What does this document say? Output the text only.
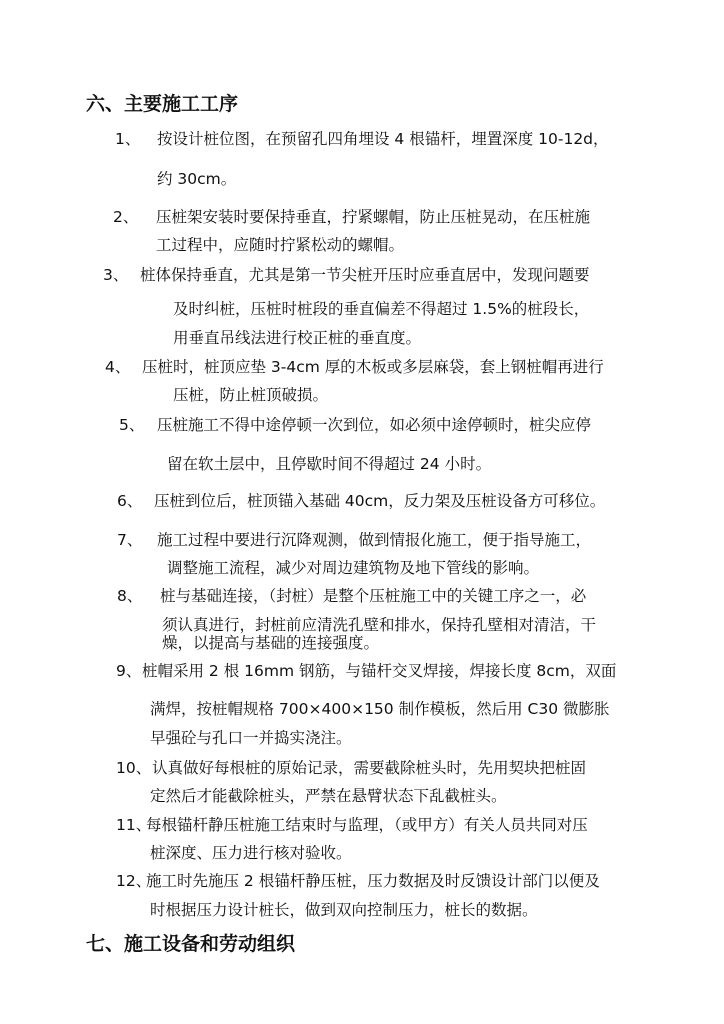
六、主要施工工序
1、 按设计桩位图，在预留孔四角埋设 4 根锚杆，埋置深度 10-12d，

约 30cm。

2、 压桩架安装时要保持垂直，拧紧螺帽，防止压桩晃动，在压桩施

工过程中，应随时拧紧松动的螺帽。

3、 桩体保持垂直，尤其是第一节尖桩开压时应垂直居中，发现问题要

及时纠桩，压桩时桩段的垂直偏差不得超过 1.5%的桩段长，

用垂直吊线法进行校正桩的垂直度。

4、 压桩时，桩顶应垫 3-4cm 厚的木板或多层麻袋，套上钢桩帽再进行

压桩，防止桩顶破损。

5、 压桩施工不得中途停顿一次到位，如必须中途停顿时，桩尖应停

留在软土层中，且停歇时间不得超过 24 小时。

6、 压桩到位后，桩顶锚入基础 40cm，反力架及压桩设备方可移位。

7、 施工过程中要进行沉降观测，做到情报化施工，便于指导施工，

调整施工流程，减少对周边建筑物及地下管线的影响。

8、 桩与基础连接，（封桩）是整个压桩施工中的关键工序之一，必

须认真进行，封桩前应清洗孔壁和排水，保持孔壁相对清洁，干

燥，以提高与基础的连接强度。

9、 桩帽采用 2 根 16mm 钢筋，与锚杆交叉焊接，焊接长度 8cm，双面

满焊，按桩帽规格 700×400×150 制作模板，然后用 C30 微膨胀

早强砼与孔口一并捣实浇注。

10、 认真做好每根桩的原始记录，需要截除桩头时，先用契块把桩固

定然后才能截除桩头，严禁在悬臂状态下乱截桩头。

11、

每根锚杆静压桩施工结束时与监理，（或甲方）有关人员共同对压

桩深度、压力进行核对验收。

12、

施工时先施压 2 根锚杆静压桩，压力数据及时反馈设计部门以便及

时根据压力设计桩长，做到双向控制压力，桩长的数据。

七、施工设备和劳动组织
